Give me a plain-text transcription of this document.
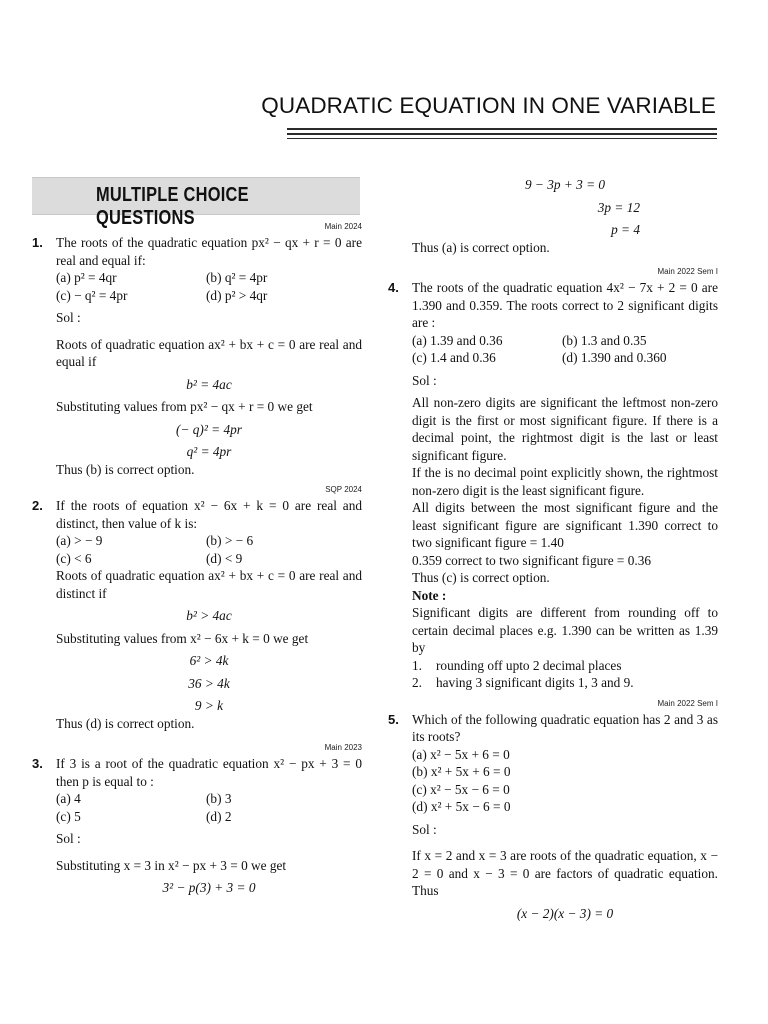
QUADRATIC EQUATION IN ONE VARIABLE
MULTIPLE CHOICE QUESTIONS	Main 2024
1. The roots of the quadratic equation px² − qx + r = 0 are real and equal if:
(a) p² = 4qr	(b) q² = 4pr
(c) − q² = 4pr	(d) p² > 4qr
Sol :
Roots of quadratic equation ax² + bx + c = 0 are real and equal if
b² = 4ac
Substituting values from px² − qx + r = 0 we get
(− q)² = 4pr
q² = 4pr
Thus (b) is correct option.
SQP 2024
2. If the roots of equation x² − 6x + k = 0 are real and distinct, then value of k is:
(a) > − 9	(b) > − 6
(c) < 6	(d) < 9
Roots of quadratic equation ax² + bx + c = 0 are real and distinct if
b² > 4ac
Substituting values from x² − 6x + k = 0 we get
6² > 4k
36 > 4k
9 > k
Thus (d) is correct option.
Main 2023
3. If 3 is a root of the quadratic equation x² − px + 3 = 0 then p is equal to :
(a) 4	(b) 3
(c) 5	(d) 2
Sol :
Substituting x = 3 in x² − px + 3 = 0 we get
3² − p(3) + 3 = 0
9 − 3p + 3 = 0
3p = 12
p = 4
Thus (a) is correct option.
Main 2022 Sem I
4. The roots of the quadratic equation 4x² − 7x + 2 = 0 are 1.390 and 0.359. The roots correct to 2 significant digits are :
(a) 1.39 and 0.36	(b) 1.3 and 0.35
(c) 1.4 and 0.36	(d) 1.390 and 0.360
Sol :
All non-zero digits are significant the leftmost non-zero digit is the first or most significant figure. If there is a decimal point, the rightmost digit is the last or least significant figure.
If the is no decimal point explicitly shown, the rightmost non-zero digit is the least significant figure.
All digits between the most significant figure and the least significant figure are significant 1.390 correct to two significant figure = 1.40
0.359 correct to two significant figure = 0.36
Thus (c) is correct option.
Note :
Significant digits are different from rounding off to certain decimal places e.g. 1.390 can be written as 1.39 by
1.	rounding off upto 2 decimal places
2.	having 3 significant digits 1, 3 and 9.
Main 2022 Sem I
5. Which of the following quadratic equation has 2 and 3 as its roots?
(a) x² − 5x + 6 = 0
(b) x² + 5x + 6 = 0
(c) x² − 5x − 6 = 0
(d) x² + 5x − 6 = 0
Sol :
If x = 2 and x = 3 are roots of the quadratic equation, x − 2 = 0 and x − 3 = 0 are factors of quadratic equation. Thus
(x − 2)(x − 3) = 0
